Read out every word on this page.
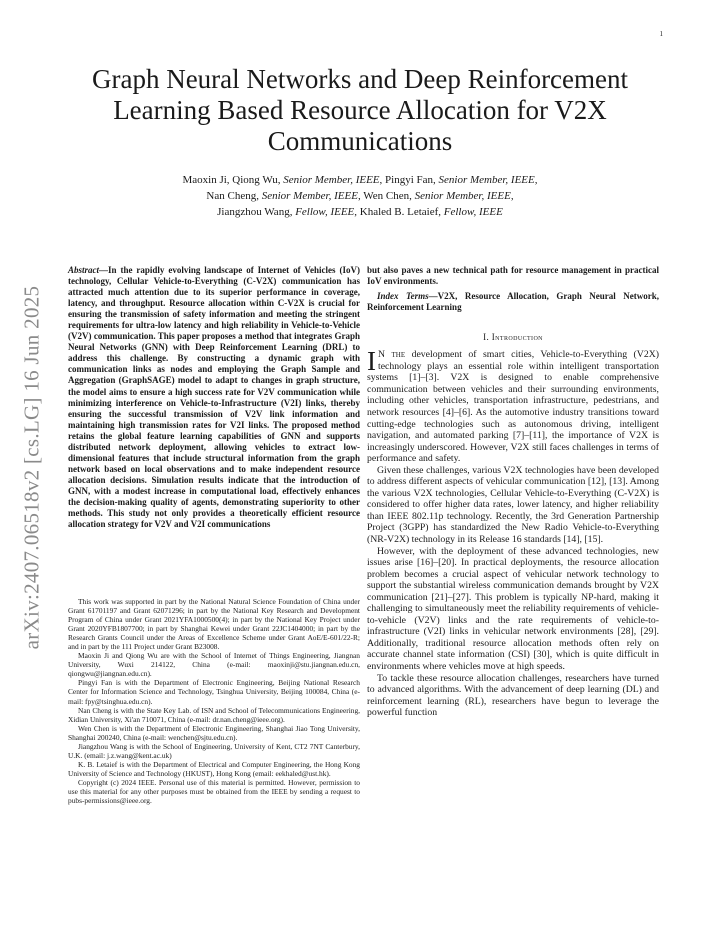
1
arXiv:2407.06518v2 [cs.LG] 16 Jun 2025
Graph Neural Networks and Deep Reinforcement Learning Based Resource Allocation for V2X Communications
Maoxin Ji, Qiong Wu, Senior Member, IEEE, Pingyi Fan, Senior Member, IEEE,
Nan Cheng, Senior Member, IEEE, Wen Chen, Senior Member, IEEE,
Jiangzhou Wang, Fellow, IEEE, Khaled B. Letaief, Fellow, IEEE

Abstract—In the rapidly evolving landscape of Internet of Vehicles (IoV) technology, Cellular Vehicle-to-Everything (C-V2X) communication has attracted much attention due to its superior performance in coverage, latency, and throughput. Resource allocation within C-V2X is crucial for ensuring the transmission of safety information and meeting the stringent requirements for ultra-low latency and high reliability in Vehicle-to-Vehicle (V2V) communication. This paper proposes a method that integrates Graph Neural Networks (GNN) with Deep Reinforcement Learning (DRL) to address this challenge. By constructing a dynamic graph with communication links as nodes and employing the Graph Sample and Aggregation (GraphSAGE) model to adapt to changes in graph structure, the model aims to ensure a high success rate for V2V communication while minimizing interference on Vehicle-to-Infrastructure (V2I) links, thereby ensuring the successful transmission of V2V link information and maintaining high transmission rates for V2I links. The proposed method retains the global feature learning capabilities of GNN and supports distributed network deployment, allowing vehicles to extract low-dimensional features that include structural information from the graph network based on local observations and to make independent resource allocation decisions. Simulation results indicate that the introduction of GNN, with a modest increase in computational load, effectively enhances the decision-making quality of agents, demonstrating superiority to other methods. This study not only provides a theoretically efficient resource allocation strategy for V2V and V2I communications

This work was supported in part by the National Natural Science Foundation of China under Grant 61701197 and Grant 62071296; in part by the National Key Research and Development Program of China under Grant 2021YFA1000500(4); in part by the National Key Project under Grant 2020YFB1807700; in part by Shanghai Kewei under Grant 22JC1404000; in part by the Research Grants Council under the Areas of Excellence Scheme under Grant AoE/E-601/22-R; and in part by the 111 Project under Grant B23008.

Maoxin Ji and Qiong Wu are with the School of Internet of Things Engineering, Jiangnan University, Wuxi 214122, China (e-mail: maoxinji@stu.jiangnan.edu.cn, qiongwu@jiangnan.edu.cn).

Pingyi Fan is with the Department of Electronic Engineering, Beijing National Research Center for Information Science and Technology, Tsinghua University, Beijing 100084, China (e-mail: fpy@tsinghua.edu.cn).

Nan Cheng is with the State Key Lab. of ISN and School of Telecommunications Engineering, Xidian University, Xi'an 710071, China (e-mail: dr.nan.cheng@ieee.org).

Wen Chen is with the Department of Electronic Engineering, Shanghai Jiao Tong University, Shanghai 200240, China (e-mail: wenchen@sjtu.edu.cn).

Jiangzhou Wang is with the School of Engineering, University of Kent, CT2 7NT Canterbury, U.K. (email: j.z.wang@kent.ac.uk)

K. B. Letaief is with the Department of Electrical and Computer Engineering, the Hong Kong University of Science and Technology (HKUST), Hong Kong (email: eekhaled@ust.hk).

Copyright (c) 2024 IEEE. Personal use of this material is permitted. However, permission to use this material for any other purposes must be obtained from the IEEE by sending a request to pubs-permissions@ieee.org.

but also paves a new technical path for resource management in practical IoV environments.

Index Terms—V2X, Resource Allocation, Graph Neural Network, Reinforcement Learning

I. Introduction

I N the development of smart cities, Vehicle-to-Everything (V2X) technology plays an essential role within intelligent transportation systems [1]–[3]. V2X is designed to enable comprehensive communication between vehicles and their surrounding environments, including other vehicles, transportation infrastructure, pedestrians, and network resources [4]–[6]. As the automotive industry transitions toward cutting-edge technologies such as autonomous driving, intelligent navigation, and automated parking [7]–[11], the importance of V2X is increasingly underscored. However, V2X still faces challenges in terms of performance and safety.

Given these challenges, various V2X technologies have been developed to address different aspects of vehicular communication [12], [13]. Among the various V2X technologies, Cellular Vehicle-to-Everything (C-V2X) is considered to offer higher data rates, lower latency, and higher reliability than IEEE 802.11p technology. Recently, the 3rd Generation Partnership Project (3GPP) has standardized the New Radio Vehicle-to-Everything (NR-V2X) technology in its Release 16 standards [14], [15].

However, with the deployment of these advanced technologies, new issues arise [16]–[20]. In practical deployments, the resource allocation problem becomes a crucial aspect of vehicular network technology to support the substantial wireless communication demands brought by V2X communication [21]–[27]. This problem is typically NP-hard, making it challenging to simultaneously meet the reliability requirements of vehicle-to-vehicle (V2V) links and the rate requirements of vehicle-to-infrastructure (V2I) links in vehicular network environments [28], [29]. Additionally, traditional resource allocation methods often rely on accurate channel state information (CSI) [30], which is quite difficult in environments where vehicles move at high speeds.

To tackle these resource allocation challenges, researchers have turned to advanced algorithms. With the advancement of deep learning (DL) and reinforcement learning (RL), researchers have begun to leverage the powerful function
